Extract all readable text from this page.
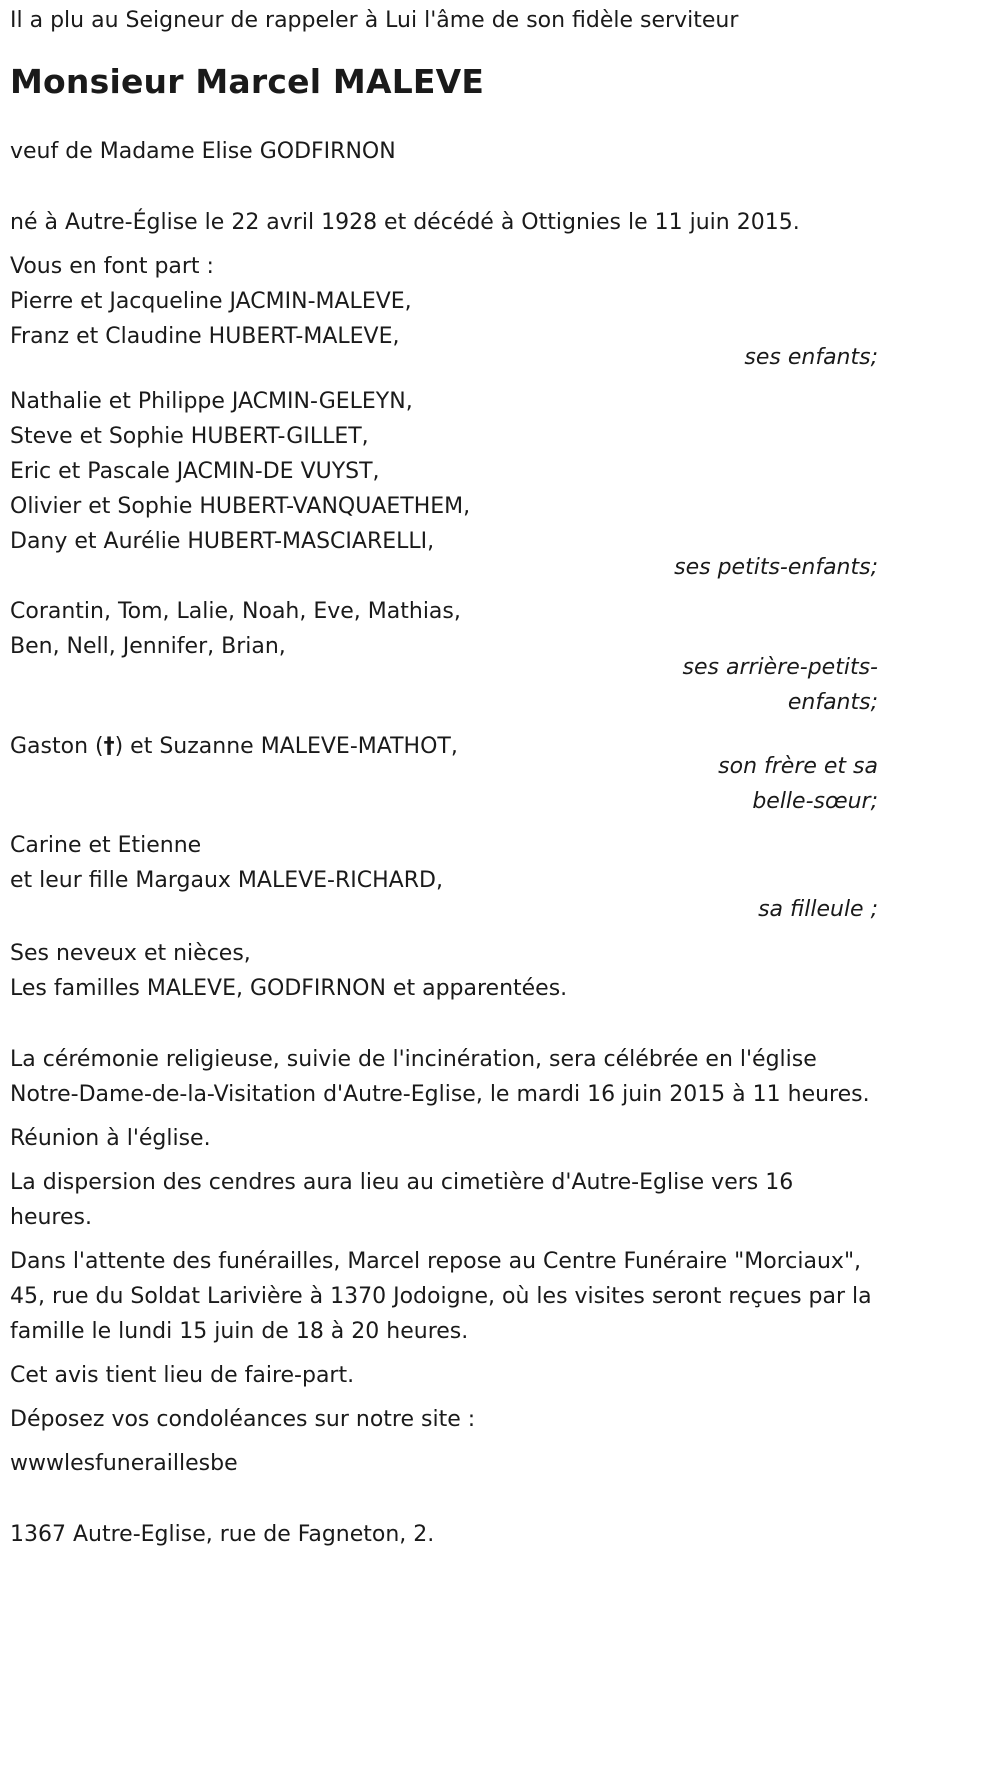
Il a plu au Seigneur de rappeler à Lui l'âme de son fidèle serviteur

Monsieur Marcel MALEVE

veuf de Madame Elise GODFIRNON

né à Autre-Église le 22 avril 1928 et décédé à Ottignies le 11 juin 2015.

Vous en font part :

Pierre et Jacqueline JACMIN-MALEVE,

Franz et Claudine HUBERT-MALEVE,

ses enfants;

Nathalie et Philippe JACMIN-GELEYN,

Steve et Sophie HUBERT-GILLET,

Eric et Pascale JACMIN-DE VUYST,

Olivier et Sophie HUBERT-VANQUAETHEM,

Dany et Aurélie HUBERT-MASCIARELLI,

ses petits-enfants;

Corantin, Tom, Lalie, Noah, Eve, Mathias,

Ben, Nell, Jennifer, Brian,

ses arrière-petits-enfants;

Gaston (†) et Suzanne MALEVE-MATHOT,

son frère et sa belle-sœur;

Carine et Etienne

et leur fille Margaux MALEVE-RICHARD,

sa filleule ;

Ses neveux et nièces,

Les familles MALEVE, GODFIRNON et apparentées.

La cérémonie religieuse, suivie de l'incinération, sera célébrée en l'église Notre-Dame-de-la-Visitation d'Autre-Eglise, le mardi 16 juin 2015 à 11 heures.

Réunion à l'église.

La dispersion des cendres aura lieu au cimetière d'Autre-Eglise vers 16 heures.

Dans l'attente des funérailles, Marcel repose au Centre Funéraire "Morciaux", 45, rue du Soldat Larivière à 1370 Jodoigne, où les visites seront reçues par la famille le lundi 15 juin de 18 à 20 heures.

Cet avis tient lieu de faire-part.

Déposez vos condoléances sur notre site :

wwwlesfuneraillesbe

1367 Autre-Eglise, rue de Fagneton, 2.
